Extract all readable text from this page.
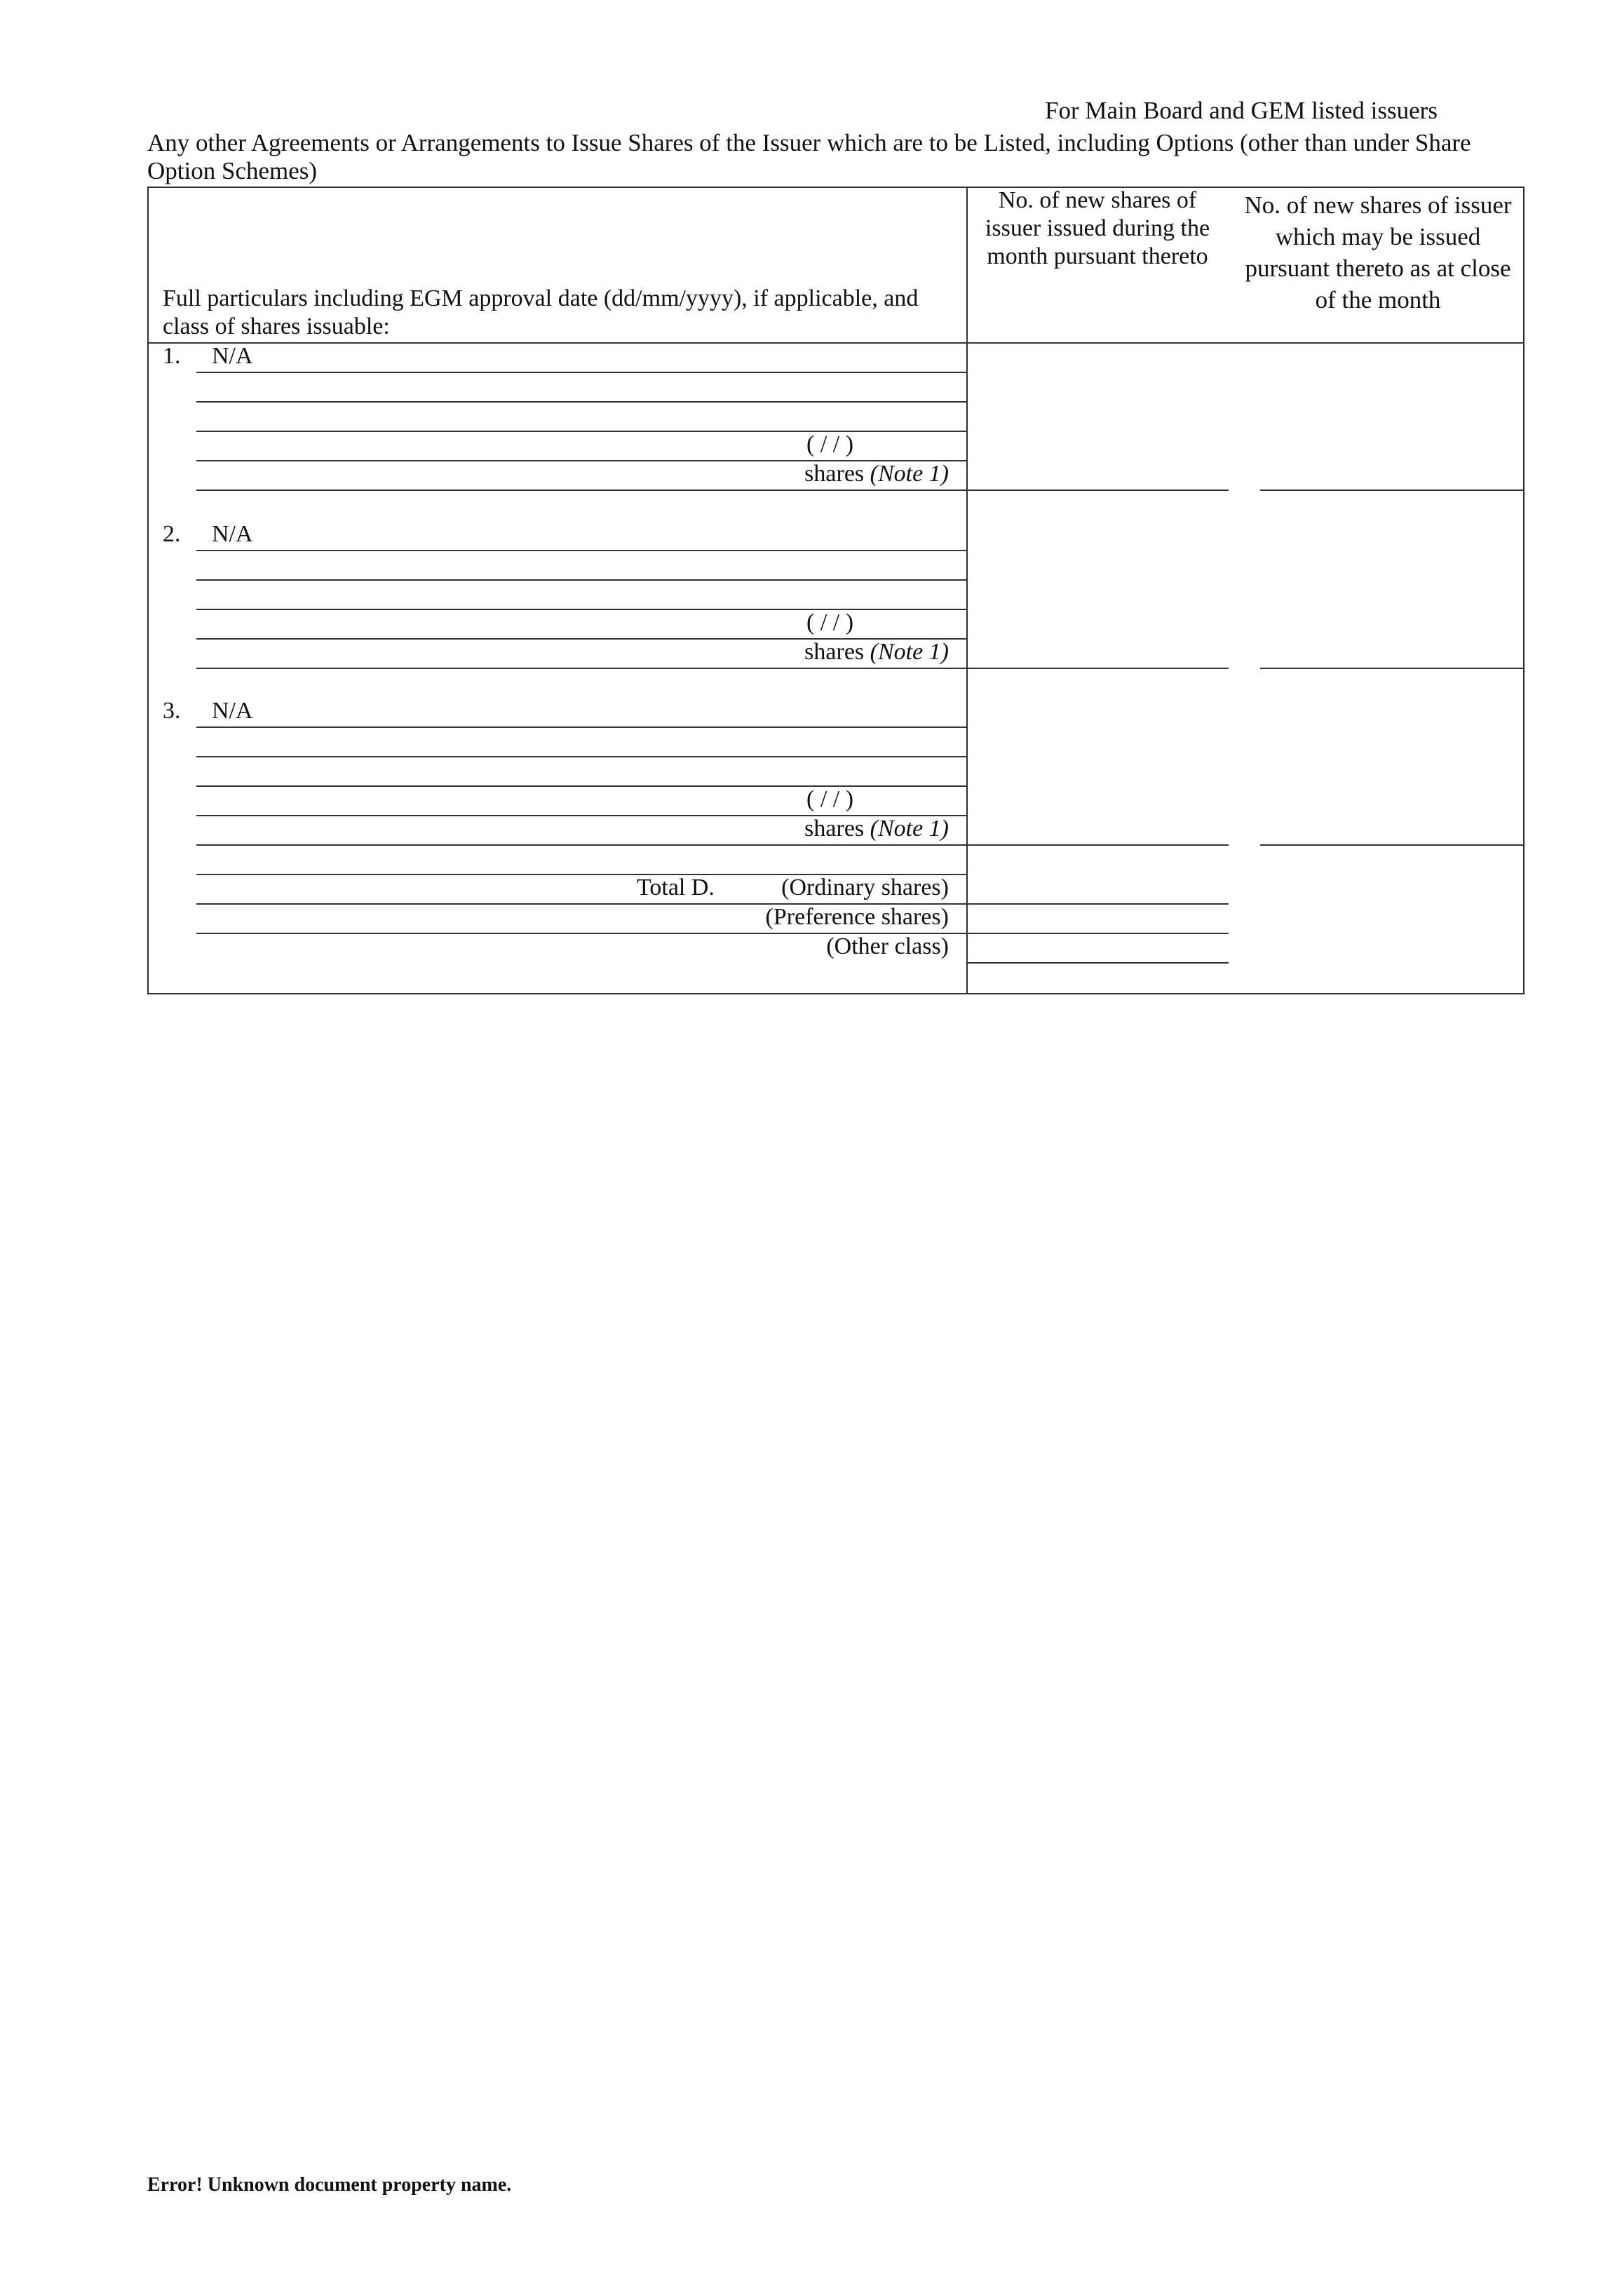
For Main Board and GEM listed issuers
Any other Agreements or Arrangements to Issue Shares of the Issuer which are to be Listed, including Options (other than under Share Option Schemes)
Full particulars including EGM approval date (dd/mm/yyyy), if applicable, and class of shares issuable:
No. of new shares of issuer issued during the month pursuant thereto
No. of new shares of issuer which may be issued pursuant thereto as at close of the month
1. N/A
( / / )
shares (Note 1)
2. N/A
( / / )
shares (Note 1)
3. N/A
( / / )
shares (Note 1)
Total D.	(Ordinary shares)
(Preference shares)
(Other class)
Error! Unknown document property name.
